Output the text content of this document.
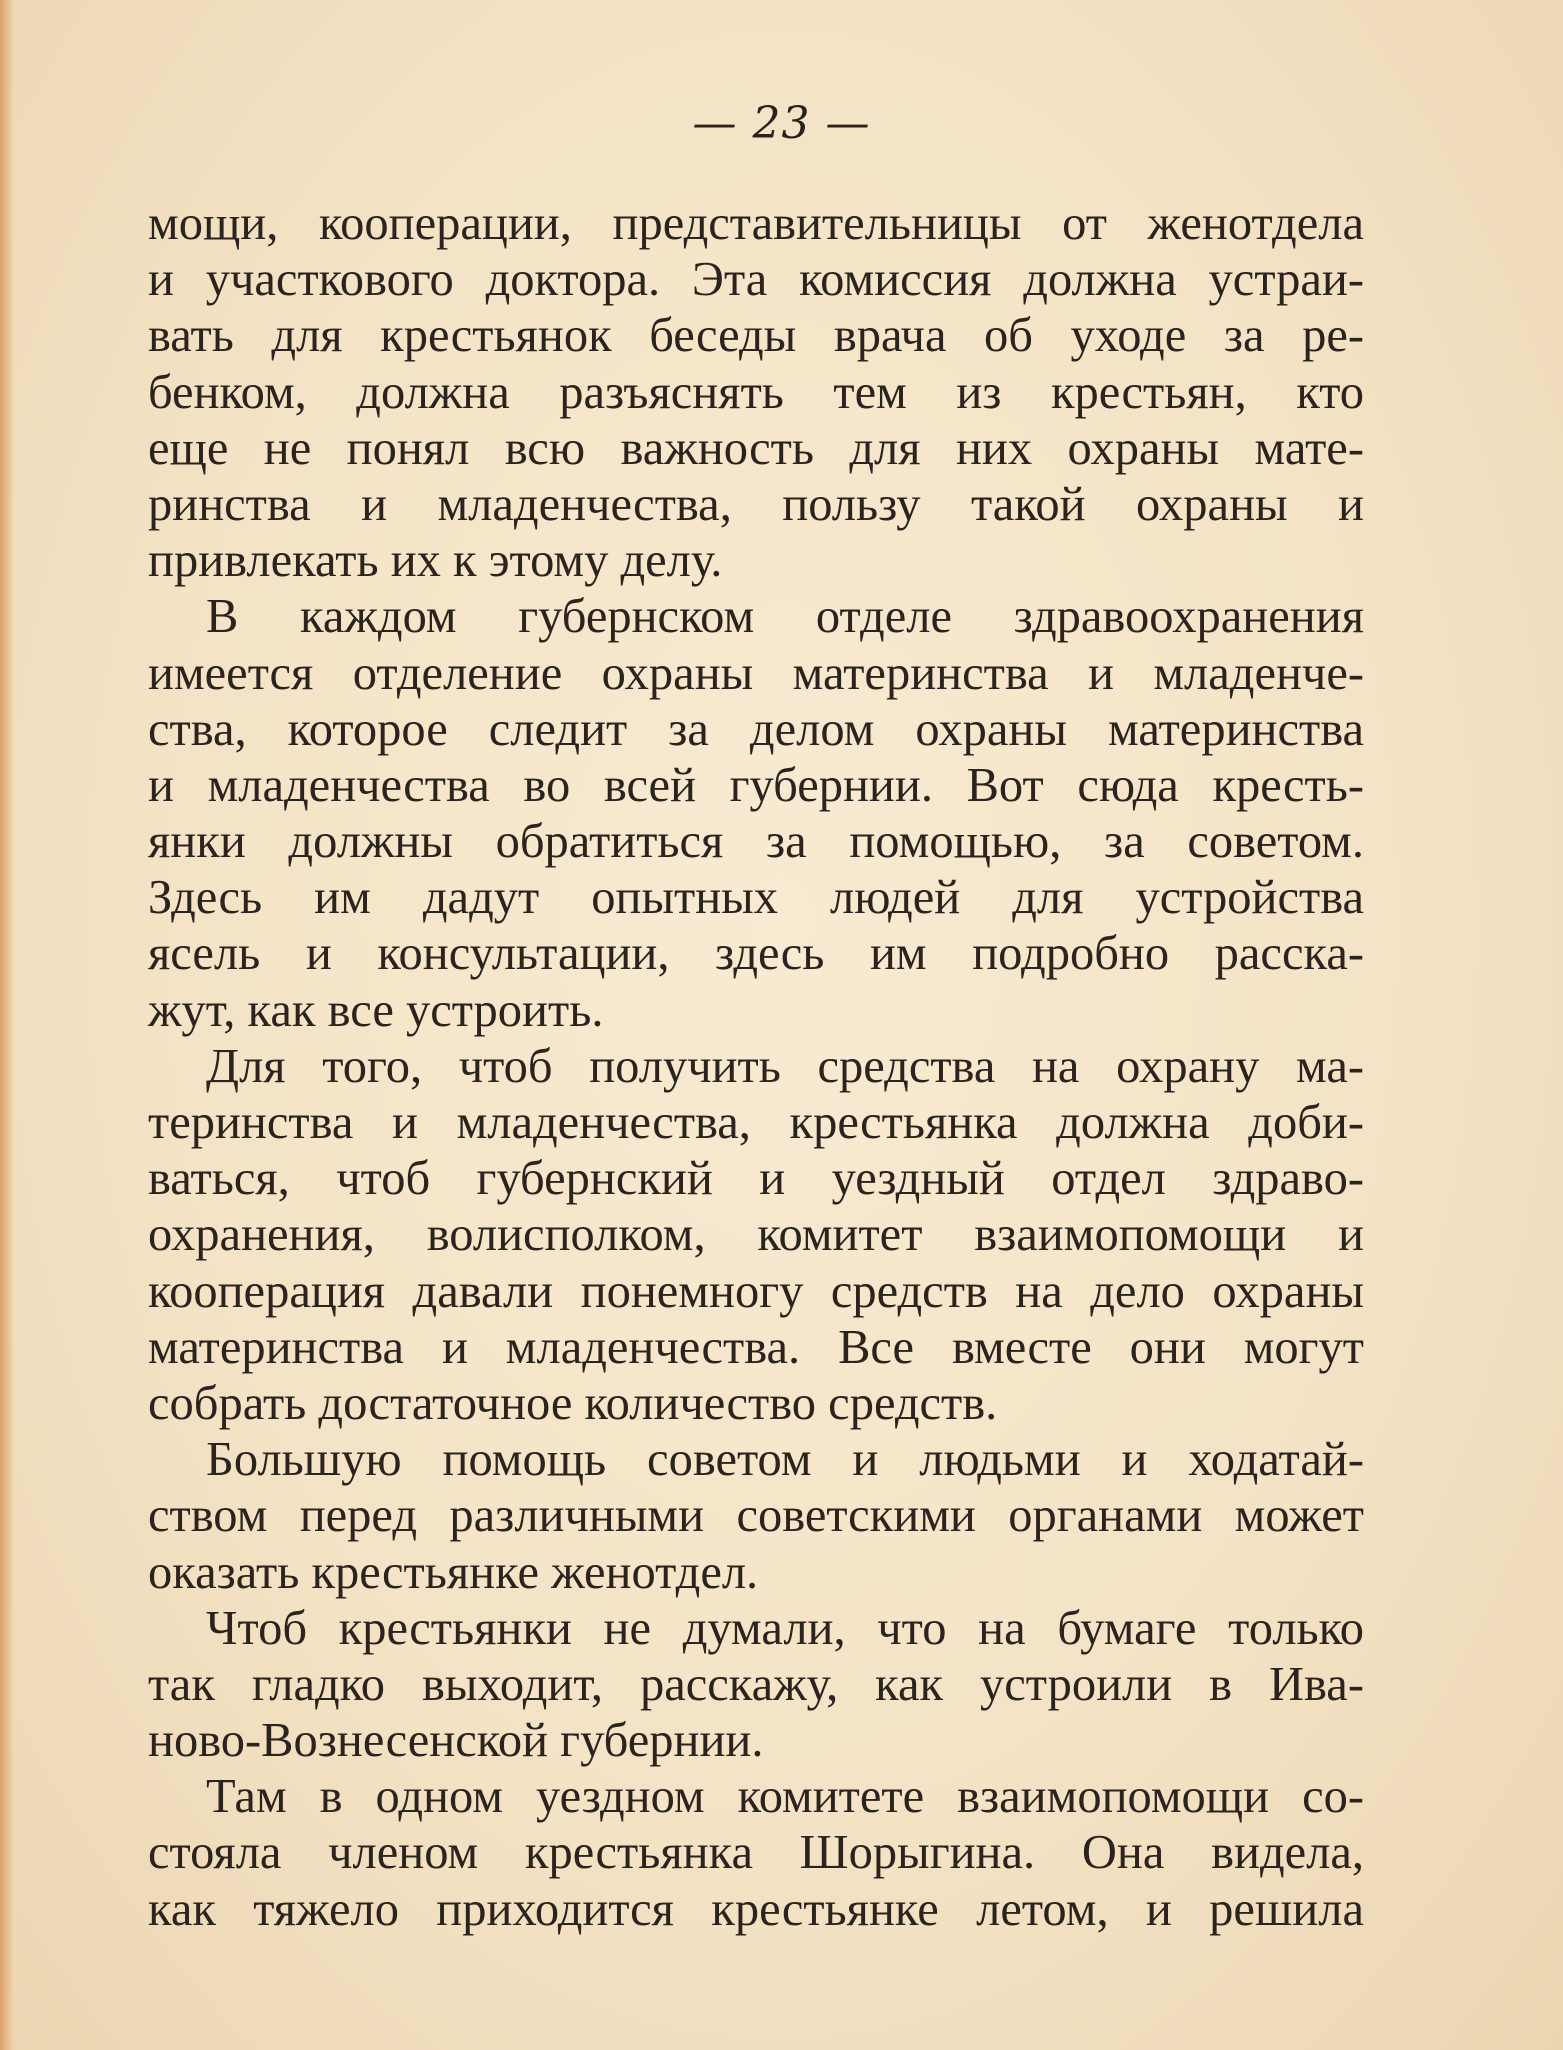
— 23 —

мощи, кооперации, представительницы от женотдела
и участкового доктора. Эта комиссия должна устраи-
вать для крестьянок беседы врача об уходе за ре-
бенком, должна разъяснять тем из крестьян, кто
еще не понял всю важность для них охраны мате-
ринства и младенчества, пользу такой охраны и
привлекать их к этому делу.

В каждом губернском отделе здравоохранения
имеется отделение охраны материнства и младенче-
ства, которое следит за делом охраны материнства
и младенчества во всей губернии. Вот сюда кресть-
янки должны обратиться за помощью, за советом.
Здесь им дадут опытных людей для устройства
ясель и консультации, здесь им подробно расска-
жут, как все устроить.

Для того, чтоб получить средства на охрану ма-
теринства и младенчества, крестьянка должна доби-
ваться, чтоб губернский и уездный отдел здраво-
охранения, волисполком, комитет взаимопомощи и
кооперация давали понемногу средств на дело охраны
материнства и младенчества. Все вместе они могут
собрать достаточное количество средств.

Большую помощь советом и людьми и ходатай-
ством перед различными советскими органами может
оказать крестьянке женотдел.

Чтоб крестьянки не думали, что на бумаге только
так гладко выходит, расскажу, как устроили в Ива-
ново-Вознесенской губернии.

Там в одном уездном комитете взаимопомощи со-
стояла членом крестьянка Шорыгина. Она видела,
как тяжело приходится крестьянке летом, и решила
